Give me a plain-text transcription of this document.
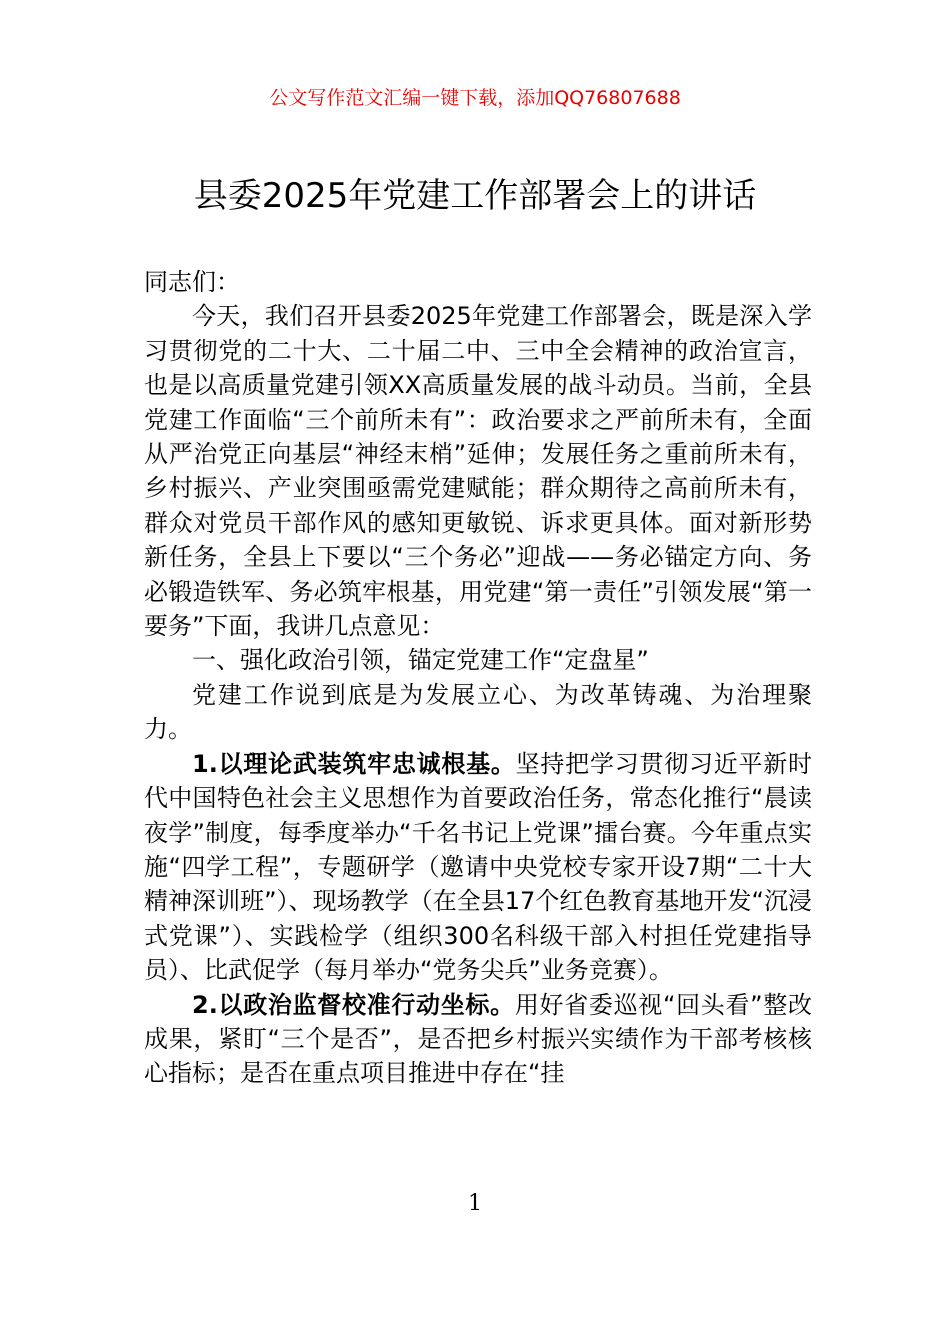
公文写作范文汇编一键下载，添加QQ76807688
县委2025年党建工作部署会上的讲话

同志们：

今天，我们召开县委2025年党建工作部署会，既是深入学习贯彻党的二十大、二十届二中、三中全会精神的政治宣言，也是以高质量党建引领XX高质量发展的战斗动员。当前，全县党建工作面临“三个前所未有”：政治要求之严前所未有，全面从严治党正向基层“神经末梢”延伸；发展任务之重前所未有，乡村振兴、产业突围亟需党建赋能；群众期待之高前所未有，群众对党员干部作风的感知更敏锐、诉求更具体。面对新形势新任务，全县上下要以“三个务必”迎战——务必锚定方向、务必锻造铁军、务必筑牢根基，用党建“第一责任”引领发展“第一要务”下面，我讲几点意见：

一、强化政治引领，锚定党建工作“定盘星”

党建工作说到底是为发展立心、为改革铸魂、为治理聚力。

1.以理论武装筑牢忠诚根基。坚持把学习贯彻习近平新时代中国特色社会主义思想作为首要政治任务，常态化推行“晨读夜学”制度，每季度举办“千名书记上党课”擂台赛。今年重点实施“四学工程”，专题研学（邀请中央党校专家开设7期“二十大精神深训班”）、现场教学（在全县17个红色教育基地开发“沉浸式党课”）、实践检学（组织300名科级干部入村担任党建指导员）、比武促学（每月举办“党务尖兵”业务竞赛）。

2.以政治监督校准行动坐标。用好省委巡视“回头看”整改成果，紧盯“三个是否”，是否把乡村振兴实绩作为干部考核核心指标；是否在重点项目推进中存在“挂

1
